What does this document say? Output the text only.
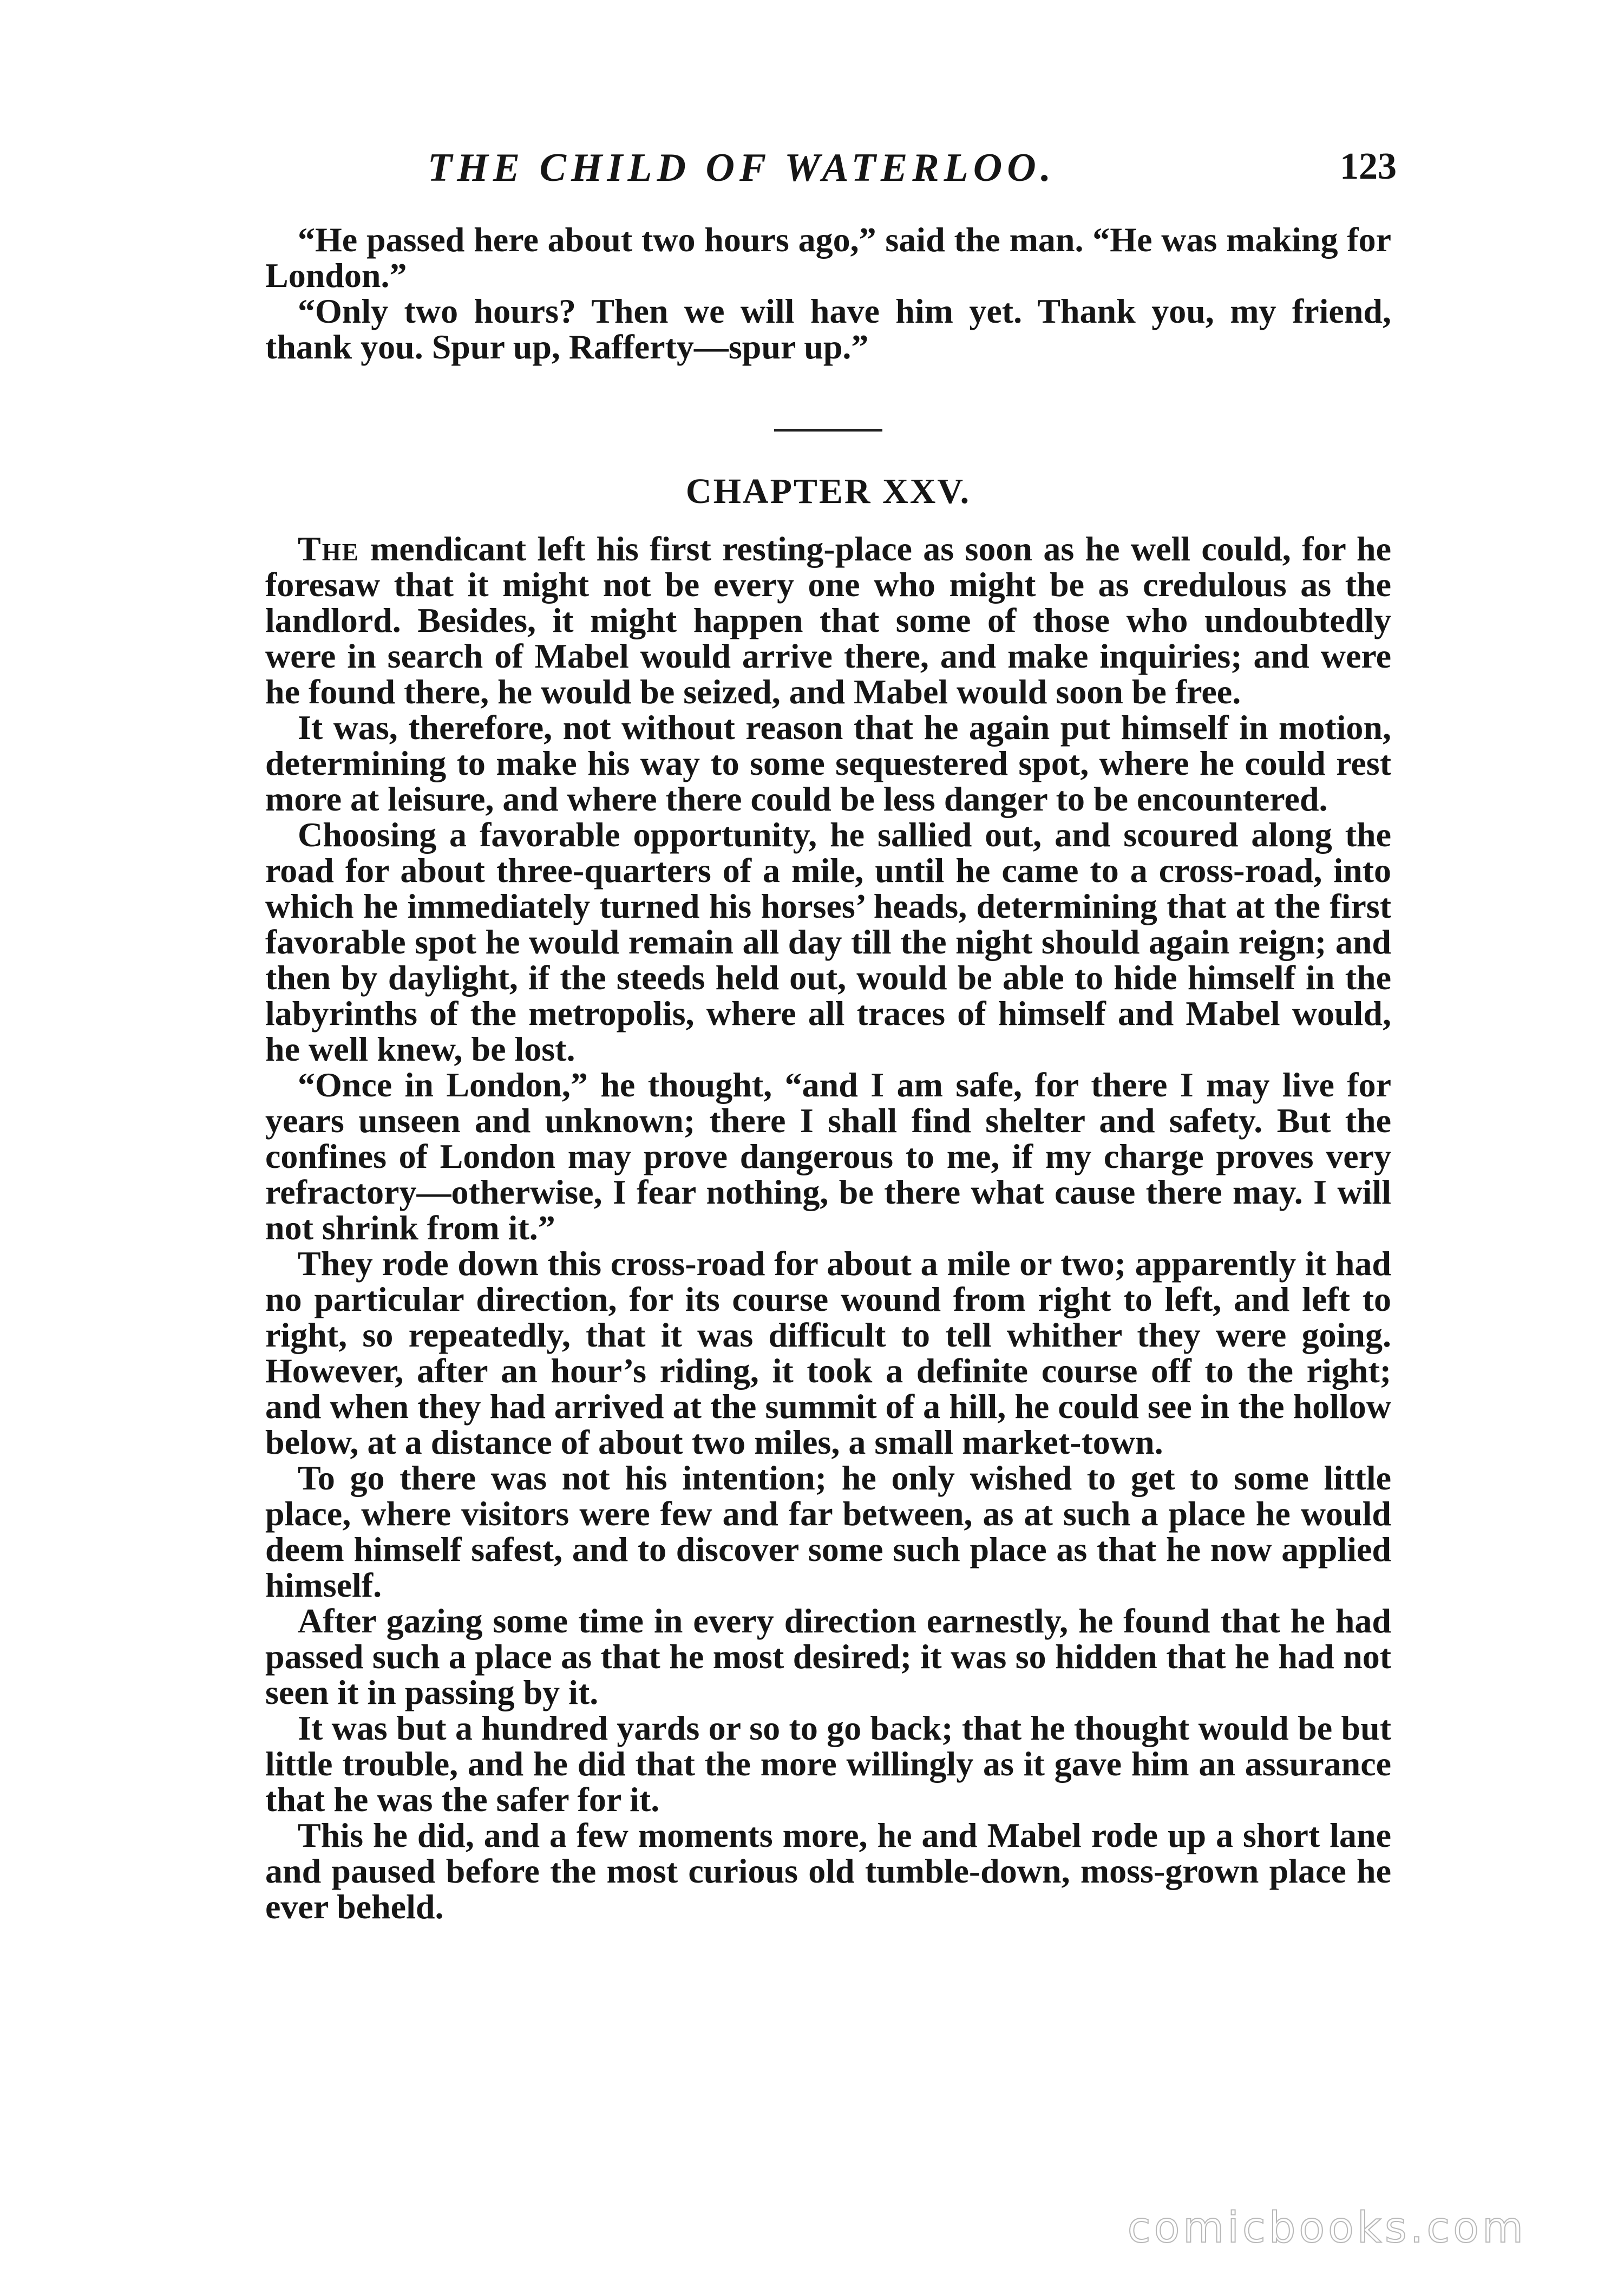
THE CHILD OF WATERLOO.	123

“He passed here about two hours ago,” said the man. “He was making for London.”

“Only two hours? Then we will have him yet. Thank you, my friend, thank you. Spur up, Rafferty—spur up.”

CHAPTER XXV.

The mendicant left his first resting-place as soon as he well could, for he foresaw that it might not be every one who might be as credulous as the landlord. Besides, it might happen that some of those who undoubtedly were in search of Mabel would arrive there, and make inquiries; and were he found there, he would be seized, and Mabel would soon be free.

It was, therefore, not without reason that he again put himself in motion, determining to make his way to some sequestered spot, where he could rest more at leisure, and where there could be less danger to be encountered.

Choosing a favorable opportunity, he sallied out, and scoured along the road for about three-quarters of a mile, until he came to a cross-road, into which he immediately turned his horses’ heads, determining that at the first favorable spot he would remain all day till the night should again reign; and then by daylight, if the steeds held out, would be able to hide himself in the labyrinths of the metropolis, where all traces of himself and Mabel would, he well knew, be lost.

“Once in London,” he thought, “and I am safe, for there I may live for years unseen and unknown; there I shall find shelter and safety. But the confines of London may prove dangerous to me, if my charge proves very refractory—otherwise, I fear nothing, be there what cause there may. I will not shrink from it.”

They rode down this cross-road for about a mile or two; apparently it had no particular direction, for its course wound from right to left, and left to right, so repeatedly, that it was difficult to tell whither they were going. However, after an hour’s riding, it took a definite course off to the right; and when they had arrived at the summit of a hill, he could see in the hollow below, at a distance of about two miles, a small market-town.

To go there was not his intention; he only wished to get to some little place, where visitors were few and far between, as at such a place he would deem himself safest, and to discover some such place as that he now applied himself.

After gazing some time in every direction earnestly, he found that he had passed such a place as that he most desired; it was so hidden that he had not seen it in passing by it.

It was but a hundred yards or so to go back; that he thought would be but little trouble, and he did that the more willingly as it gave him an assurance that he was the safer for it.

This he did, and a few moments more, he and Mabel rode up a short lane and paused before the most curious old tumble-down, moss-grown place he ever beheld.

comicbooks.com
